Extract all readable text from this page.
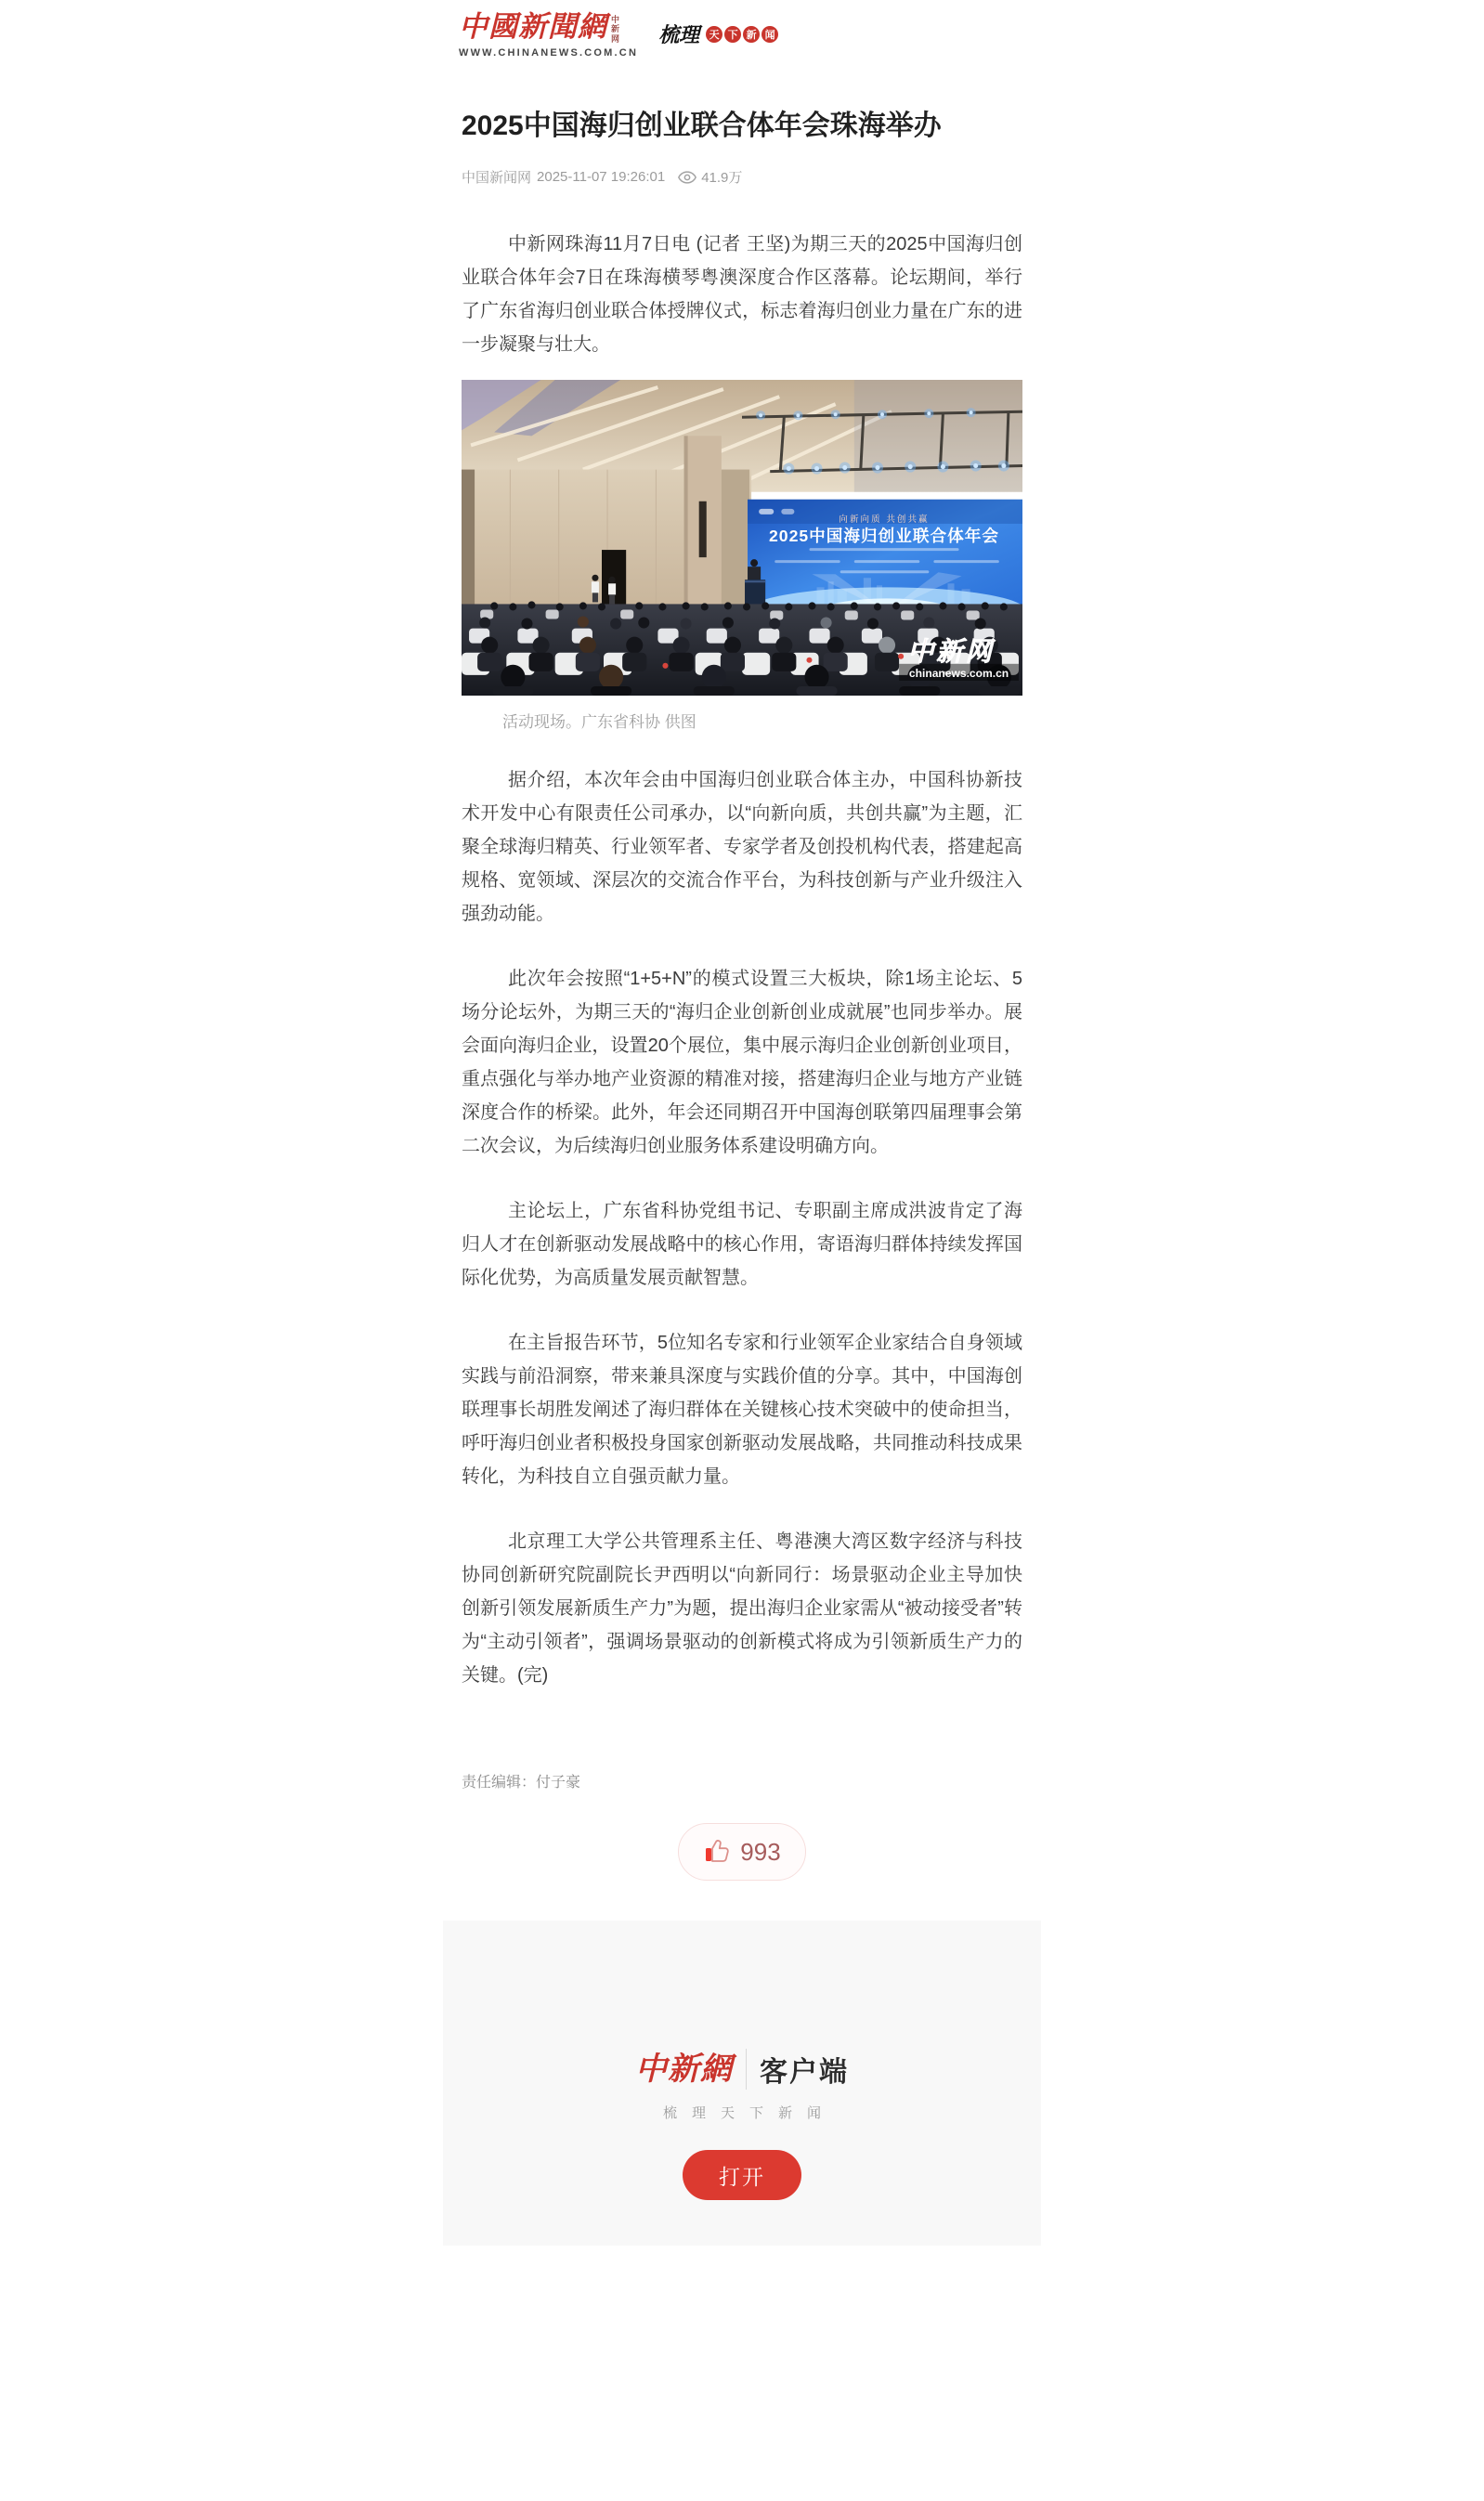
中國新聞網 中
新
网
WWW.CHINANEWS.COM.CN
梳理 天 下 新 闻
2025中国海归创业联合体年会珠海举办
中国新闻网 2025-11-07 19:26:01	41.9万

中新网珠海11月7日电 (记者 王坚)为期三天的2025中国海归创业联合体年会7日在珠海横琴粤澳深度合作区落幕。论坛期间，举行了广东省海归创业联合体授牌仪式，标志着海归创业力量在广东的进一步凝聚与壮大。

向新向质 共创共赢
2025中国海归创业联合体年会
中新网
chinanews.com.cn
活动现场。广东省科协 供图

据介绍，本次年会由中国海归创业联合体主办，中国科协新技术开发中心有限责任公司承办，以“向新向质，共创共赢”为主题，汇聚全球海归精英、行业领军者、专家学者及创投机构代表，搭建起高规格、宽领域、深层次的交流合作平台，为科技创新与产业升级注入强劲动能。

此次年会按照“1+5+N”的模式设置三大板块，除1场主论坛、5场分论坛外，为期三天的“海归企业创新创业成就展”也同步举办。展会面向海归企业，设置20个展位，集中展示海归企业创新创业项目，重点强化与举办地产业资源的精准对接，搭建海归企业与地方产业链深度合作的桥梁。此外，年会还同期召开中国海创联第四届理事会第二次会议，为后续海归创业服务体系建设明确方向。

主论坛上，广东省科协党组书记、专职副主席成洪波肯定了海归人才在创新驱动发展战略中的核心作用，寄语海归群体持续发挥国际化优势，为高质量发展贡献智慧。

在主旨报告环节，5位知名专家和行业领军企业家结合自身领域实践与前沿洞察，带来兼具深度与实践价值的分享。其中，中国海创联理事长胡胜发阐述了海归群体在关键核心技术突破中的使命担当，呼吁海归创业者积极投身国家创新驱动发展战略，共同推动科技成果转化，为科技自立自强贡献力量。

北京理工大学公共管理系主任、粤港澳大湾区数字经济与科技协同创新研究院副院长尹西明以“向新同行：场景驱动企业主导加快创新引领发展新质生产力”为题，提出海归企业家需从“被动接受者”转为“主动引领者”，强调场景驱动的创新模式将成为引领新质生产力的关键。(完)

责任编辑：付子豪
993
中新網 客户端
梳理天下新闻
打开
